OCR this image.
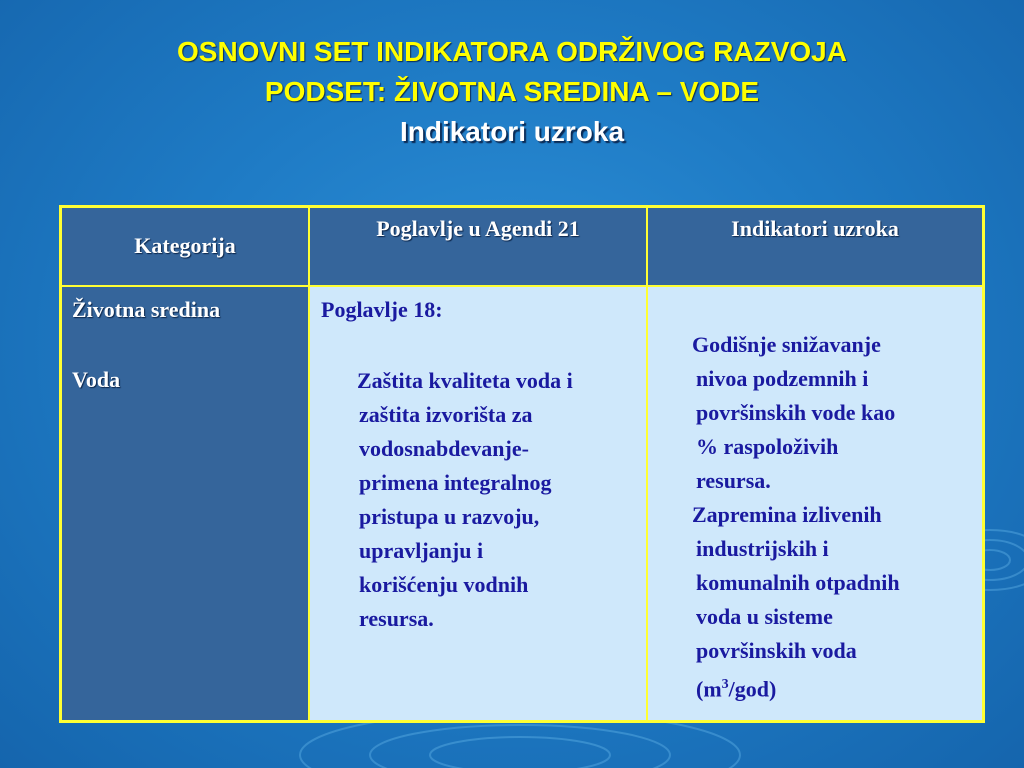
OSNOVNI SET INDIKATORA ODRŽIVOG RAZVOJA
PODSET: ŽIVOTNA SREDINA – VODE
Indikatori uzroka
Kategorija
Poglavlje u Agendi 21	Indikatori uzroka
Životna sredina
Voda
Poglavlje 18:
Zaštita kvaliteta voda i
zaštita izvorišta za
vodosnabdevanje-
primena integralnog
pristupa u razvoju,
upravljanju i
korišćenju vodnih
resursa.
Godišnje snižavanje
nivoa podzemnih i
površinskih vode kao
% raspoloživih
resursa.
Zapremina izlivenih
industrijskih i
komunalnih otpadnih
voda u sisteme
površinskih voda
$(m^3/god)$
